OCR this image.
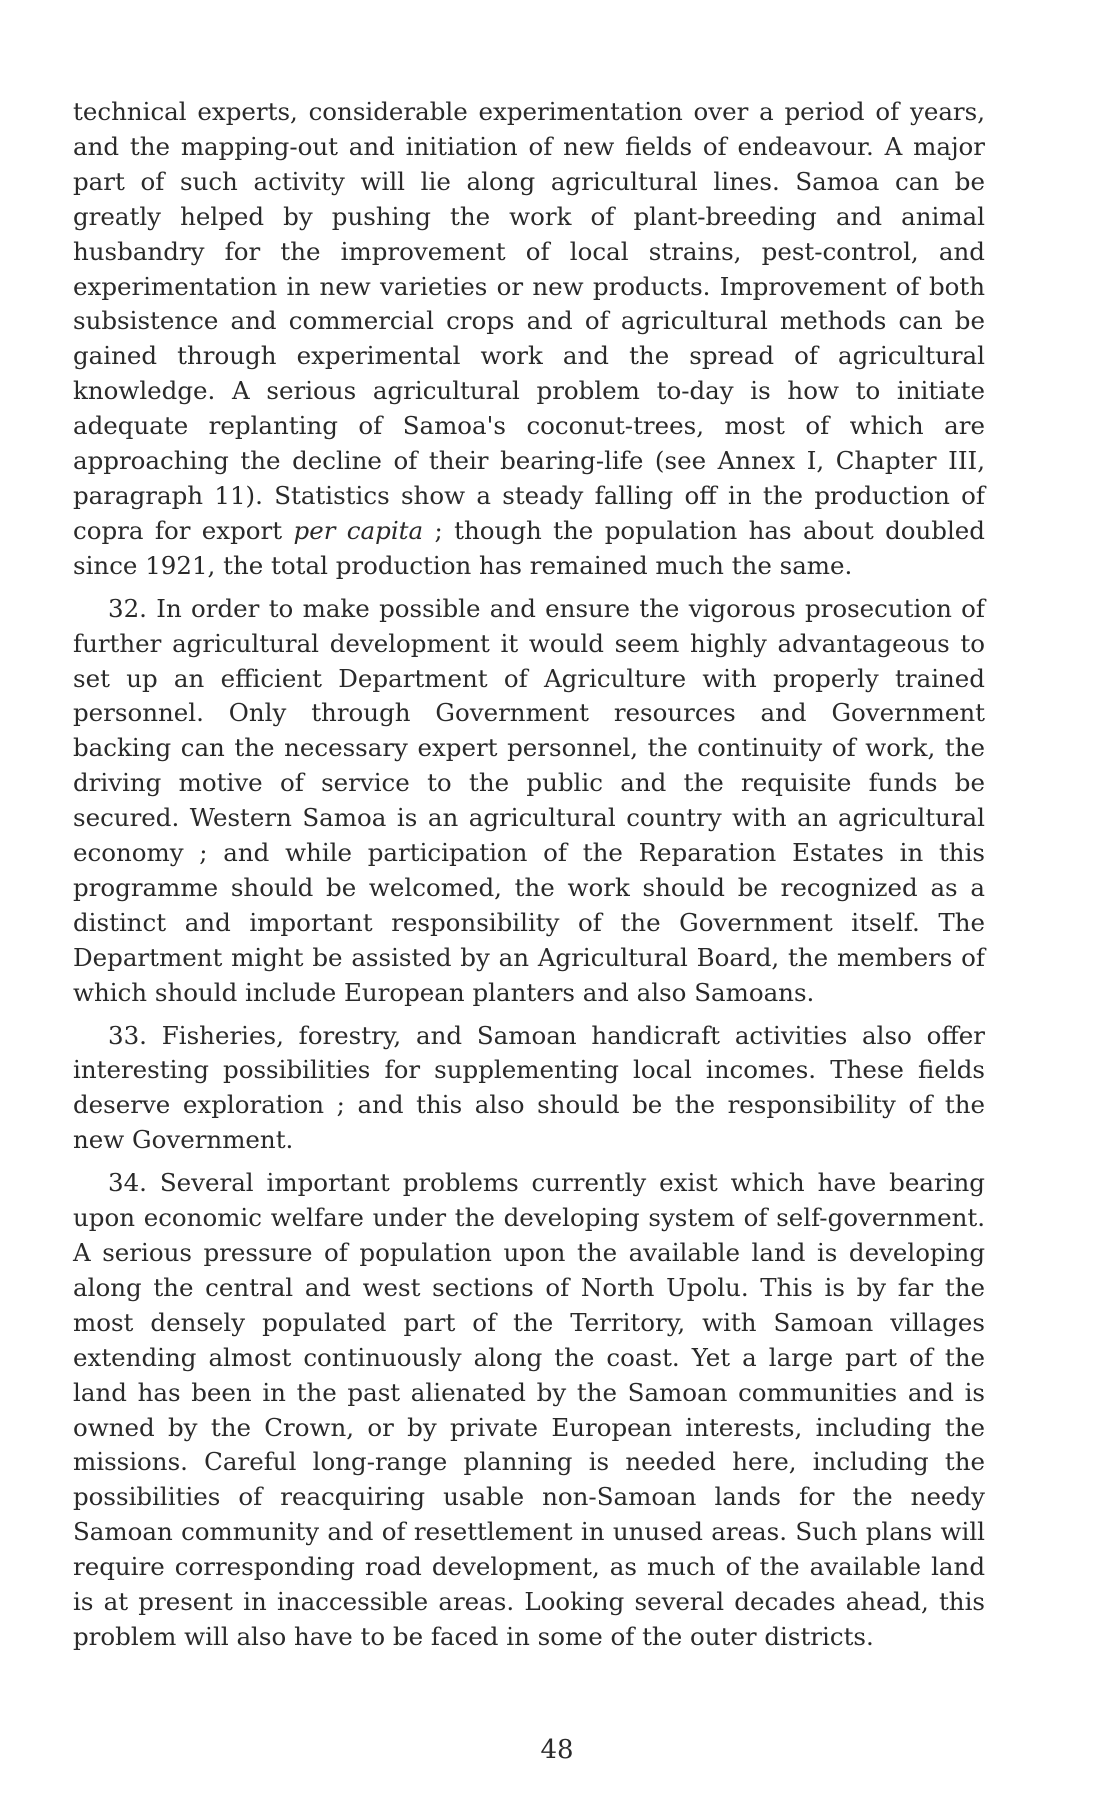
technical experts, considerable experimentation over a period of years, and the mapping-out and initiation of new fields of endeavour. A major part of such activity will lie along agricultural lines. Samoa can be greatly helped by pushing the work of plant-breeding and animal husbandry for the improvement of local strains, pest-control, and experimentation in new varieties or new products. Improvement of both subsistence and commercial crops and of agricultural methods can be gained through experimental work and the spread of agricultural knowledge. A serious agricultural problem to-day is how to initiate adequate replanting of Samoa's coconut-trees, most of which are approaching the decline of their bearing-life (see Annex I, Chapter III, paragraph 11). Statistics show a steady falling off in the production of copra for export per capita ; though the population has about doubled since 1921, the total production has remained much the same.

32. In order to make possible and ensure the vigorous prosecution of further agricultural development it would seem highly advantageous to set up an efficient Department of Agriculture with properly trained personnel. Only through Government resources and Government backing can the necessary expert personnel, the continuity of work, the driving motive of service to the public and the requisite funds be secured. Western Samoa is an agricultural country with an agricultural economy ; and while participation of the Reparation Estates in this programme should be welcomed, the work should be recognized as a distinct and important responsibility of the Government itself. The Department might be assisted by an Agricultural Board, the members of which should include European planters and also Samoans.

33. Fisheries, forestry, and Samoan handicraft activities also offer interesting possibilities for supplementing local incomes. These fields deserve exploration ; and this also should be the responsibility of the new Government.

34. Several important problems currently exist which have bearing upon economic welfare under the developing system of self-government. A serious pressure of population upon the available land is developing along the central and west sections of North Upolu. This is by far the most densely populated part of the Territory, with Samoan villages extending almost continuously along the coast. Yet a large part of the land has been in the past alienated by the Samoan communities and is owned by the Crown, or by private European interests, including the missions. Careful long-range planning is needed here, including the possibilities of reacquiring usable non-Samoan lands for the needy Samoan community and of resettlement in unused areas. Such plans will require corresponding road development, as much of the available land is at present in inaccessible areas. Looking several decades ahead, this problem will also have to be faced in some of the outer districts.

48
